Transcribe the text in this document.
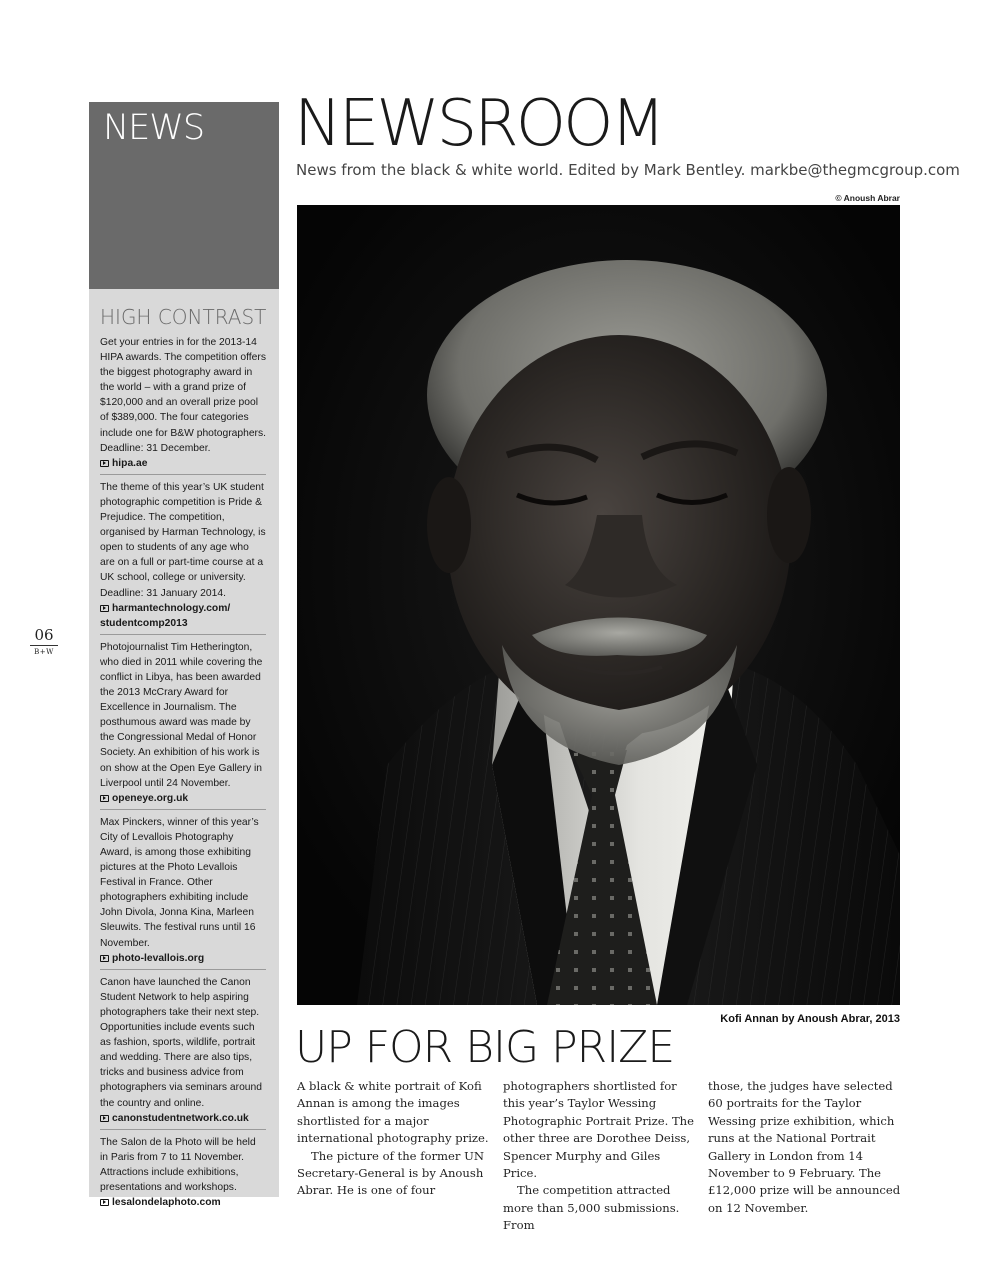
NEWS
HIGH CONTRAST
Get your entries in for the 2013-14 HIPA awards. The competition offers the biggest photography award in the world – with a grand prize of $120,000 and an overall prize pool of $389,000. The four categories include one for B&W photographers. Deadline: 31 December.
hipa.ae
The theme of this year’s UK student photographic competition is Pride & Prejudice. The competition, organised by Harman Technology, is open to students of any age who are on a full or part-time course at a UK school, college or university. Deadline: 31 January 2014.
harmantechnology.com/ studentcomp2013
Photojournalist Tim Hetherington, who died in 2011 while covering the conflict in Libya, has been awarded the 2013 McCrary Award for Excellence in Journalism. The posthumous award was made by the Congressional Medal of Honor Society. An exhibition of his work is on show at the Open Eye Gallery in Liverpool until 24 November.
openeye.org.uk
Max Pinckers, winner of this year’s City of Levallois Photography Award, is among those exhibiting pictures at the Photo Levallois Festival in France. Other photographers exhibiting include John Divola, Jonna Kina, Marleen Sleuwits. The festival runs until 16 November.
photo-levallois.org
Canon have launched the Canon Student Network to help aspiring photographers take their next step. Opportunities include events such as fashion, sports, wildlife, portrait and wedding. There are also tips, tricks and business advice from photographers via seminars around the country and online.
canonstudentnetwork.co.uk
The Salon de la Photo will be held in Paris from 7 to 11 November. Attractions include exhibitions, presentations and workshops.
lesalondelaphoto.com
06
B+W
NEWSROOM
News from the black & white world. Edited by Mark Bentley. markbe@thegmcgroup.com
© Anoush Abrar
Kofi Annan by Anoush Abrar, 2013
UP FOR BIG PRIZE

A black & white portrait of Kofi Annan is among the images shortlisted for a major international photography prize.

The picture of the former UN Secretary-General is by Anoush Abrar. He is one of four

photographers shortlisted for this year’s Taylor Wessing Photographic Portrait Prize. The other three are Dorothee Deiss, Spencer Murphy and Giles Price.

The competition attracted more than 5,000 submissions. From

those, the judges have selected 60 portraits for the Taylor Wessing prize exhibition, which runs at the National Portrait Gallery in London from 14 November to 9 February. The £12,000 prize will be announced on 12 November.
